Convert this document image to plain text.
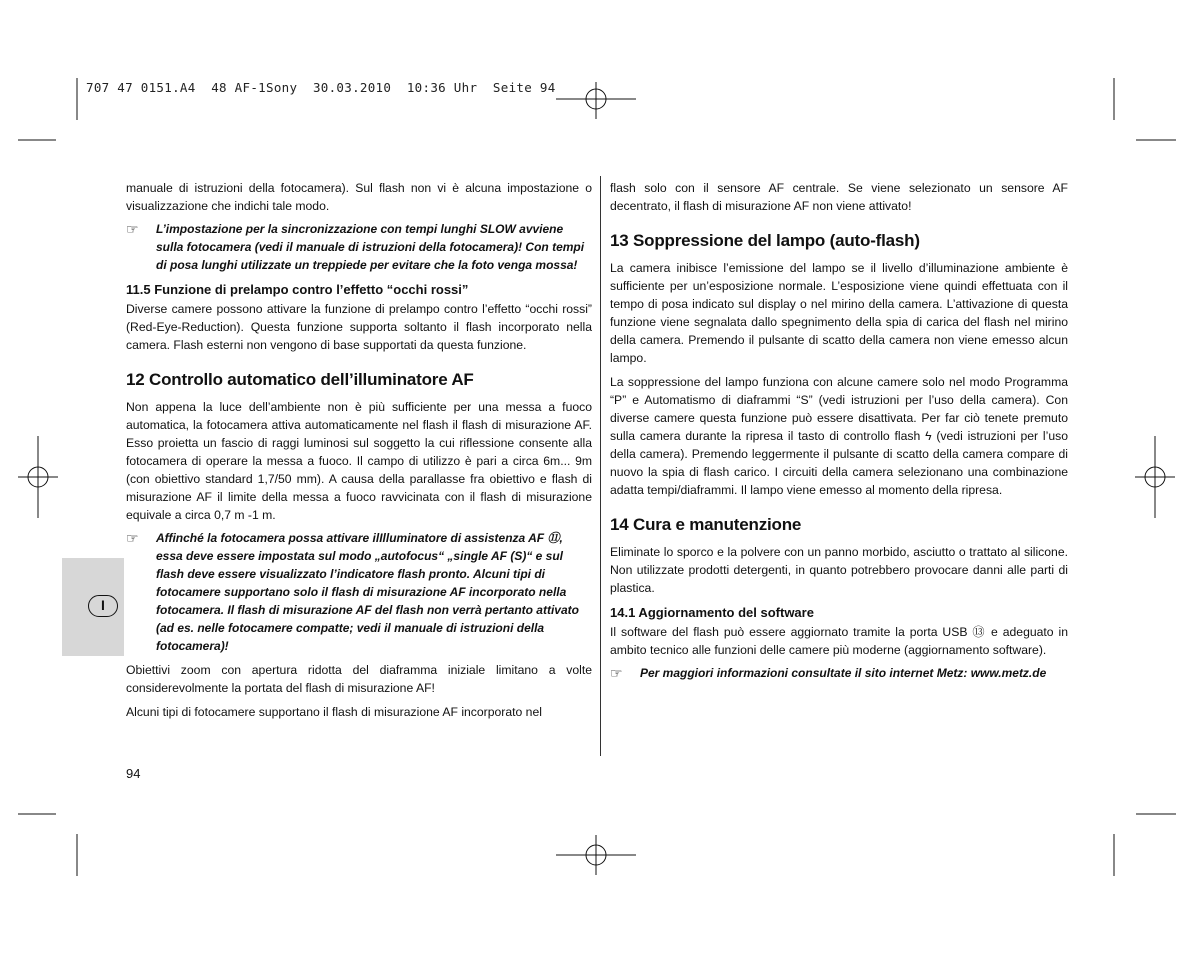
707 47 0151.A4  48 AF-1Sony  30.03.2010  10:36 Uhr  Seite 94
I

manuale di istruzioni della fotocamera). Sul flash non vi è alcuna impostazione o visualizzazione che indichi tale modo.

☞ L’impostazione per la sincronizzazione con tempi lunghi SLOW avviene sulla fotocamera (vedi il manuale di istruzioni della fotocamera)! Con tempi di posa lunghi utilizzate un treppiede per evitare che la foto venga mossa!
11.5 Funzione di prelampo contro l’effetto “occhi rossi”

Diverse camere possono attivare la funzione di prelampo contro l’effetto “occhi rossi” (Red-Eye-Reduction). Questa funzione supporta soltanto il flash incorporato nella camera. Flash esterni non vengono di base supportati da questa funzione.

12 Controllo automatico dell’illuminatore AF

Non appena la luce dell’ambiente non è più sufficiente per una messa a fuoco automatica, la fotocamera attiva automaticamente nel flash il flash di misurazione AF. Esso proietta un fascio di raggi luminosi sul soggetto la cui riflessione consente alla fotocamera di operare la messa a fuoco. Il campo di utilizzo è pari a circa 6m... 9m (con obiettivo standard 1,7/50 mm). A causa della parallasse fra obiettivo e flash di misurazione AF il limite della messa a fuoco ravvicinata con il flash di misurazione equivale a circa 0,7 m -1 m.

☞ Affinché la fotocamera possa attivare ilIlluminatore di assistenza AF ⑪, essa deve essere impostata sul modo „autofocus“ „single AF (S)“ e sul flash deve essere visualizzato l’indicatore flash pronto. Alcuni tipi di fotocamere supportano solo il flash di misurazione AF incorporato nella fotocamera. Il flash di misurazione AF del flash non verrà pertanto attivato (ad es. nelle fotocamere compatte; vedi il manuale di istruzioni della fotocamera)!

Obiettivi zoom con apertura ridotta del diaframma iniziale limitano a volte considerevolmente la portata del flash di misurazione AF!

Alcuni tipi di fotocamere supportano il flash di misurazione AF incorporato nel

flash solo con il sensore AF centrale. Se viene selezionato un sensore AF decentrato, il flash di misurazione AF non viene attivato!

13 Soppressione del lampo (auto-flash)

La camera inibisce l’emissione del lampo se il livello d’illuminazione ambiente è sufficiente per un’esposizione normale. L’esposizione viene quindi effettuata con il tempo di posa indicato sul display o nel mirino della camera. L’attivazione di questa funzione viene segnalata dallo spegnimento della spia di carica del flash nel mirino della camera. Premendo il pulsante di scatto della camera non viene emesso alcun lampo.

La soppressione del lampo funziona con alcune camere solo nel modo Programma “P” e Automatismo di diaframmi “S” (vedi istruzioni per l’uso della camera). Con diverse camere questa funzione può essere disattivata. Per far ciò tenete premuto sulla camera durante la ripresa il tasto di controllo flash ϟ (vedi istruzioni per l’uso della camera). Premendo leggermente il pulsante di scatto della camera compare di nuovo la spia di flash carico. I circuiti della camera selezionano una combinazione adatta tempi/diaframmi. Il lampo viene emesso al momento della ripresa.

14 Cura e manutenzione

Eliminate lo sporco e la polvere con un panno morbido, asciutto o trattato al silicone. Non utilizzate prodotti detergenti, in quanto potrebbero provocare danni alle parti di plastica.

14.1 Aggiornamento del software

Il software del flash può essere aggiornato tramite la porta USB ⑬ e adeguato in ambito tecnico alle funzioni delle camere più moderne (aggiornamento software).

☞ Per maggiori informazioni consultate il sito internet Metz: www.metz.de
94
